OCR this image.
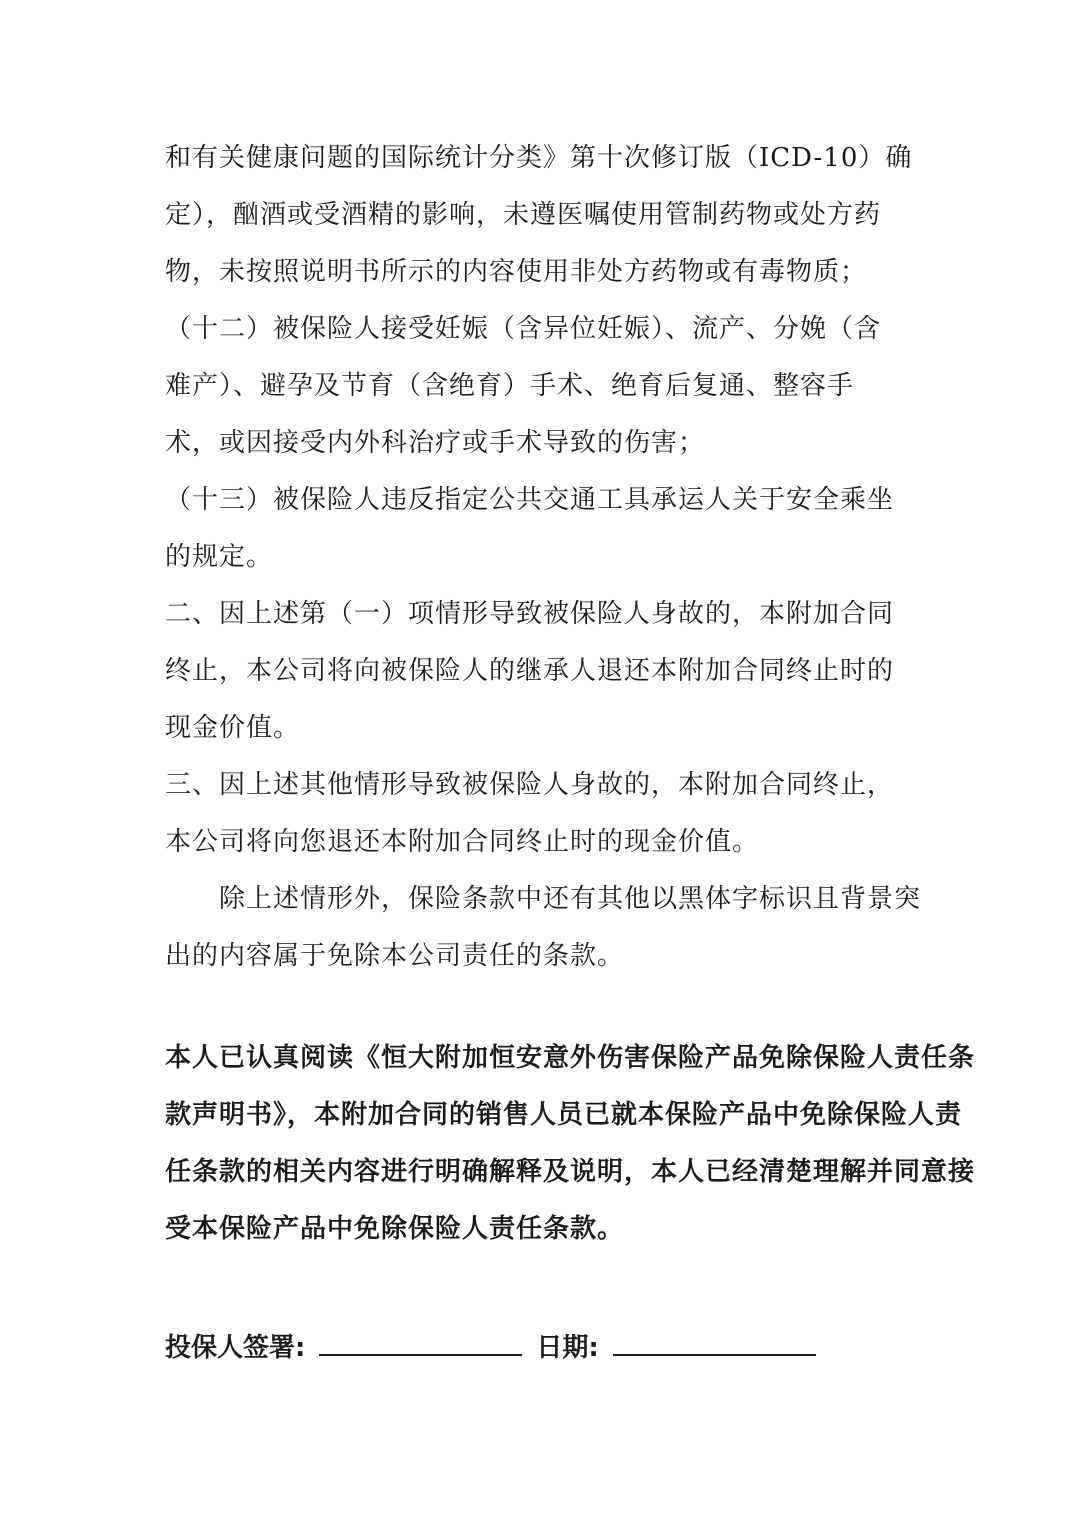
和有关健康问题的国际统计分类》第十次修订版（ICD-10）确
定），酗酒或受酒精的影响，未遵医嘱使用管制药物或处方药
物，未按照说明书所示的内容使用非处方药物或有毒物质；
（十二）被保险人接受妊娠（含异位妊娠）、流产、分娩（含
难产）、避孕及节育（含绝育）手术、绝育后复通、整容手
术，或因接受内外科治疗或手术导致的伤害；
（十三）被保险人违反指定公共交通工具承运人关于安全乘坐
的规定。
二、因上述第（一）项情形导致被保险人身故的，本附加合同
终止，本公司将向被保险人的继承人退还本附加合同终止时的
现金价值。
三、因上述其他情形导致被保险人身故的，本附加合同终止，
本公司将向您退还本附加合同终止时的现金价值。
除上述情形外，保险条款中还有其他以黑体字标识且背景突
出的内容属于免除本公司责任的条款。
本人已认真阅读《恒大附加恒安意外伤害保险产品免除保险人责任条
款声明书》，本附加合同的销售人员已就本保险产品中免除保险人责
任条款的相关内容进行明确解释及说明，本人已经清楚理解并同意接
受本保险产品中免除保险人责任条款。
投保人签署:	日期:
